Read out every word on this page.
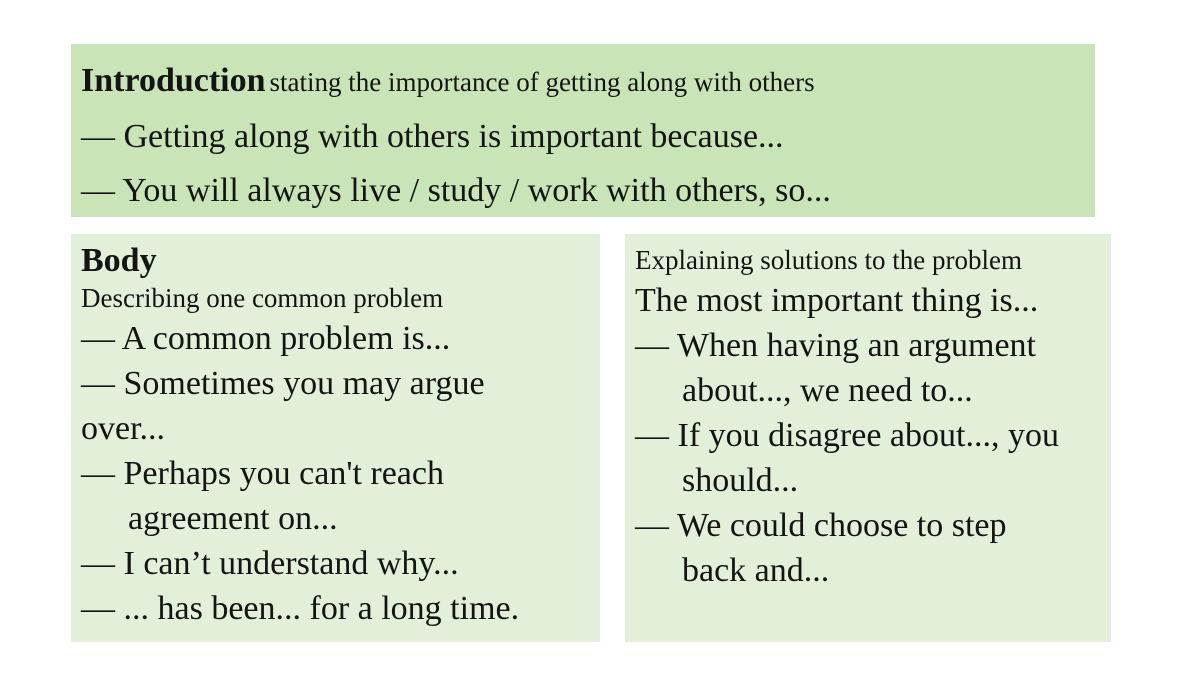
Introduction stating the importance of getting along with others
— Getting along with others is important because...
— You will always live / study / work with others, so...
Body
Describing one common problem
— A common problem is...
— Sometimes you may argue
over...
— Perhaps you can't reach agreement on...
— I can’t understand why...
— ... has been... for a long time.
Explaining solutions to the problem
The most important thing is...
— When having an argument about..., we need to...
— If you disagree about..., you should...
— We could choose to step back and...
